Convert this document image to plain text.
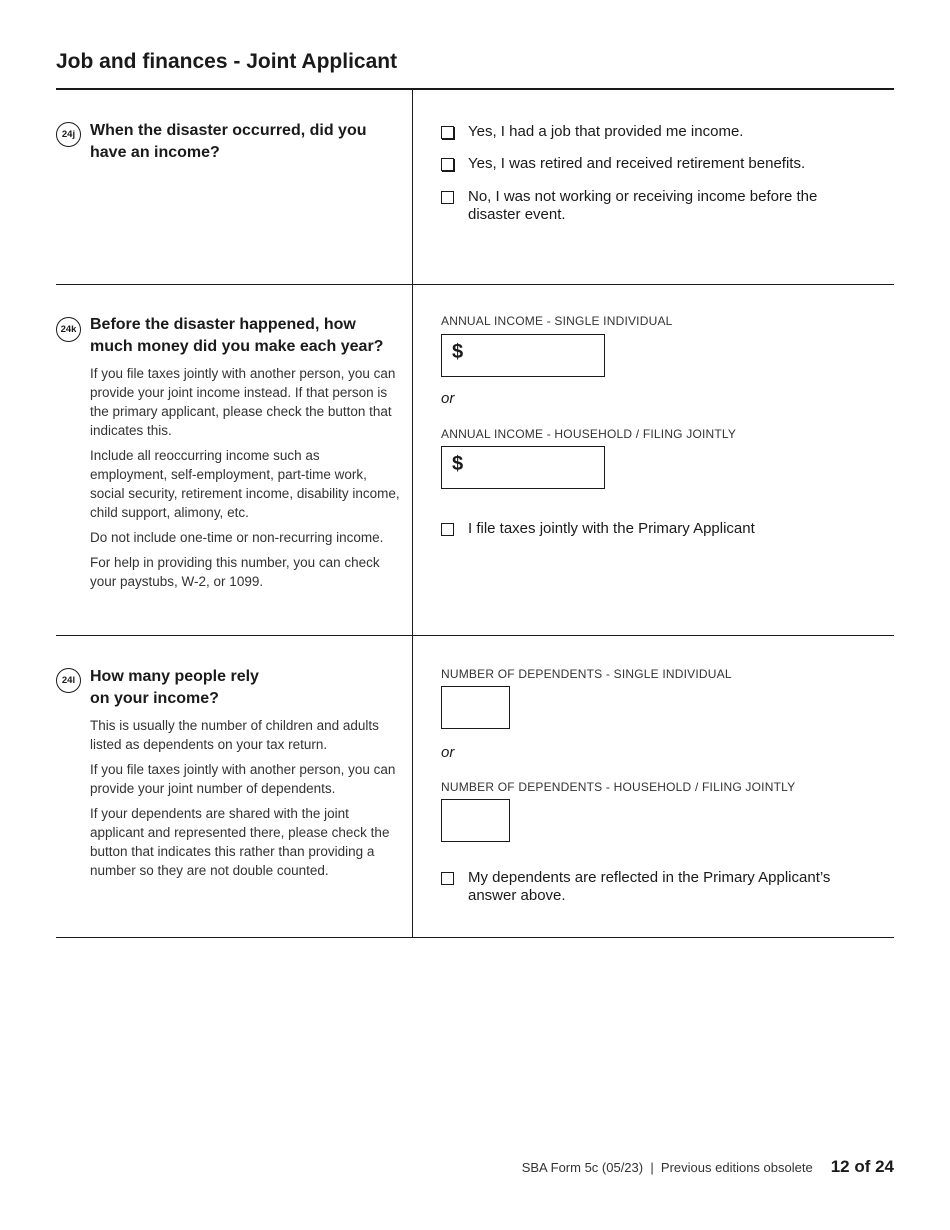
Job and finances - Joint Applicant
24j When the disaster occurred, did you have an income?
Yes, I had a job that provided me income.
Yes, I was retired and received retirement benefits.
No, I was not working or receiving income before the disaster event.
24k Before the disaster happened, how much money did you make each year?

If you file taxes jointly with another person, you can provide your joint income instead. If that person is the primary applicant, please check the button that indicates this.

Include all reoccurring income such as employment, self-employment, part-time work, social security, retirement income, disability income, child support, alimony, etc.

Do not include one-time or non-recurring income.

For help in providing this number, you can check your paystubs, W-2, or 1099.

ANNUAL INCOME - SINGLE INDIVIDUAL
$
or
ANNUAL INCOME - HOUSEHOLD / FILING JOINTLY
$
I file taxes jointly with the Primary Applicant
24l How many people rely on your income?

This is usually the number of children and adults listed as dependents on your tax return.

If you file taxes jointly with another person, you can provide your joint number of dependents.

If your dependents are shared with the joint applicant and represented there, please check the button that indicates this rather than providing a number so they are not double counted.

NUMBER OF DEPENDENTS - SINGLE INDIVIDUAL
or
NUMBER OF DEPENDENTS - HOUSEHOLD / FILING JOINTLY
My dependents are reflected in the Primary Applicant’s answer above.
SBA Form 5c (05/23)  |  Previous editions obsolete 12 of 24
